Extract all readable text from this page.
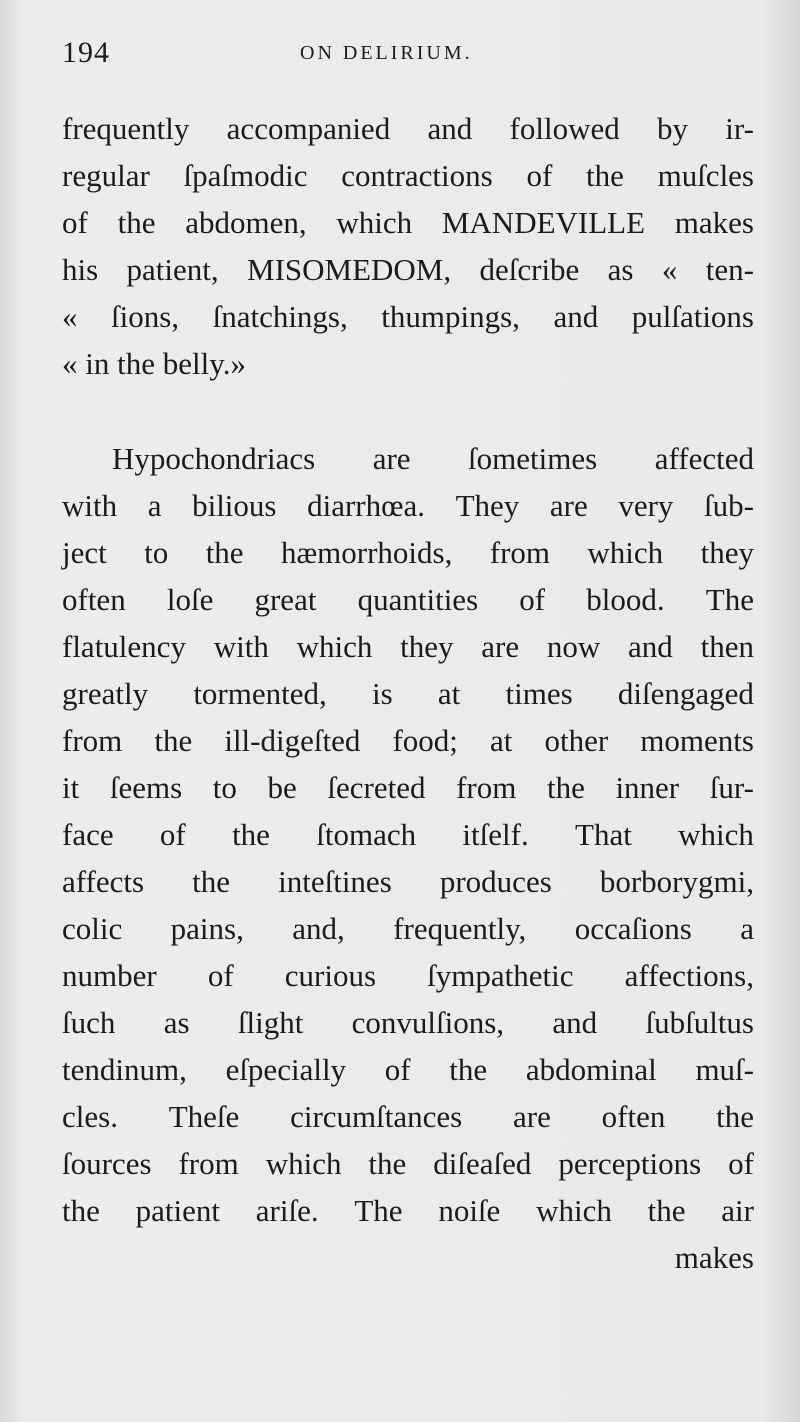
194	ON DELIRIUM.
frequently accompanied and followed by ir-
regular ſpaſmodic contractions of the muſcles
of the abdomen, which MANDEVILLE makes
his patient, MISOMEDOM, deſcribe as « ten-
« ſions, ſnatchings, thumpings, and pulſations
« in the belly.»
Hypochondriacs are ſometimes affected
with a bilious diarrhœa. They are very ſub-
ject to the hæmorrhoids, from which they
often loſe great quantities of blood. The
flatulency with which they are now and then
greatly tormented, is at times diſengaged
from the ill-digeſted food; at other moments
it ſeems to be ſecreted from the inner ſur-
face of the ſtomach itſelf. That which
affects the inteſtines produces borborygmi,
colic pains, and, frequently, occaſions a
number of curious ſympathetic affections,
ſuch as ſlight convulſions, and ſubſultus
tendinum, eſpecially of the abdominal muſ-
cles. Theſe circumſtances are often the
ſources from which the diſeaſed perceptions of
the patient ariſe. The noiſe which the air
makes
